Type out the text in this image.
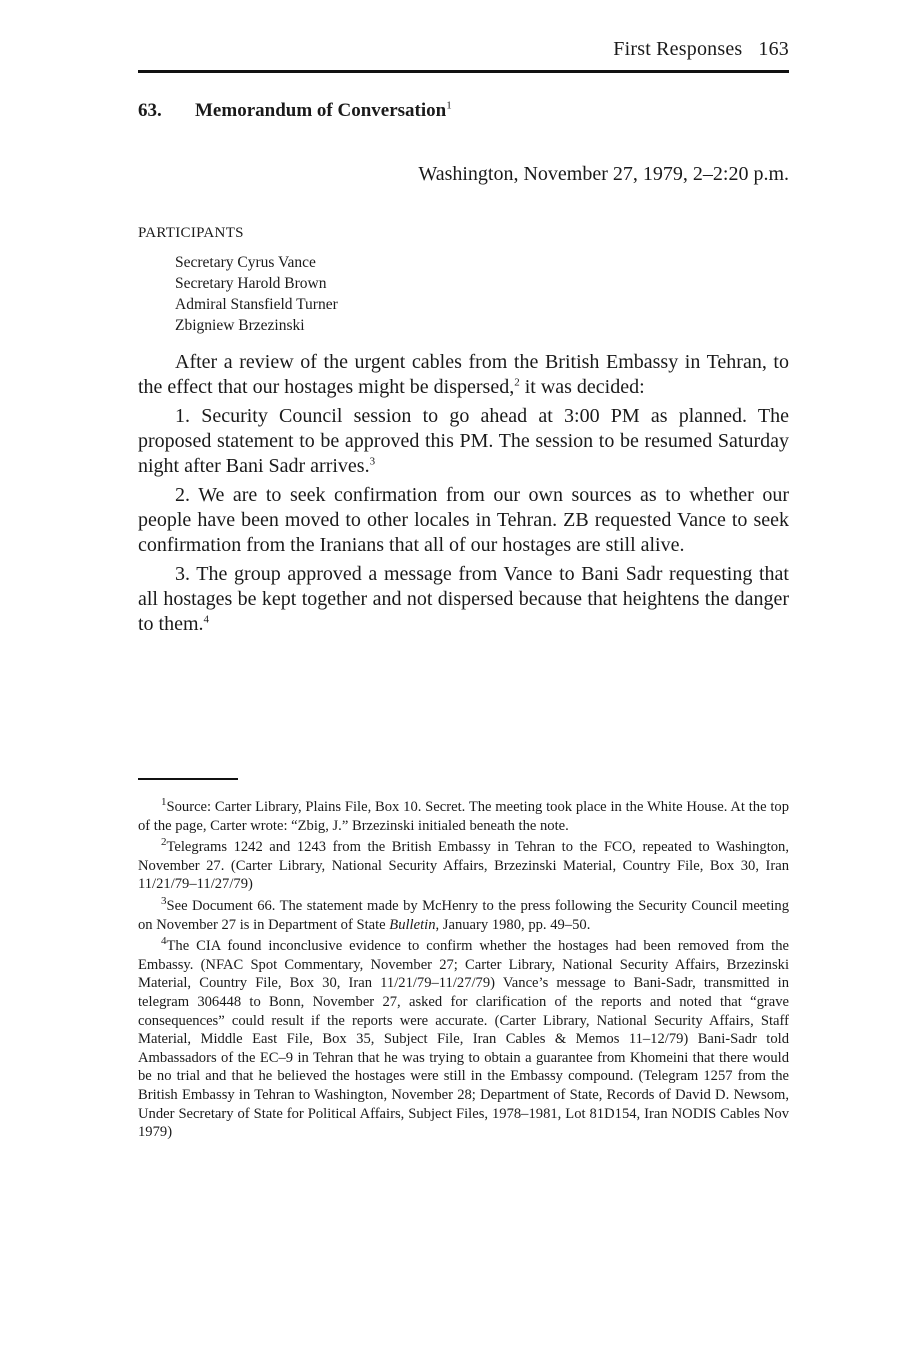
First Responses 163
63. Memorandum of Conversation$^1$
Washington, November 27, 1979, 2–2:20 p.m.
PARTICIPANTS
Secretary Cyrus Vance
Secretary Harold Brown
Admiral Stansfield Turner
Zbigniew Brzezinski

After a review of the urgent cables from the British Embassy in Tehran, to the effect that our hostages might be dispersed,$^2$ it was decided:

1. Security Council session to go ahead at 3:00 PM as planned. The proposed statement to be approved this PM. The session to be resumed Saturday night after Bani Sadr arrives.$^3$

2. We are to seek confirmation from our own sources as to whether our people have been moved to other locales in Tehran. ZB requested Vance to seek confirmation from the Iranians that all of our hostages are still alive.

3. The group approved a message from Vance to Bani Sadr requesting that all hostages be kept together and not dispersed because that heightens the danger to them.$^4$

$^1$Source: Carter Library, Plains File, Box 10. Secret. The meeting took place in the White House. At the top of the page, Carter wrote: “Zbig, J.” Brzezinski initialed beneath the note.

$^2$Telegrams 1242 and 1243 from the British Embassy in Tehran to the FCO, repeated to Washington, November 27. (Carter Library, National Security Affairs, Brzezinski Material, Country File, Box 30, Iran 11/21/79–11/27/79)

$^3$See Document 66. The statement made by McHenry to the press following the Security Council meeting on November 27 is in Department of State Bulletin, January 1980, pp. 49–50.

$^4$The CIA found inconclusive evidence to confirm whether the hostages had been removed from the Embassy. (NFAC Spot Commentary, November 27; Carter Library, National Security Affairs, Brzezinski Material, Country File, Box 30, Iran 11/21/79–11/27/79) Vance’s message to Bani-Sadr, transmitted in telegram 306448 to Bonn, November 27, asked for clarification of the reports and noted that “grave consequences” could result if the reports were accurate. (Carter Library, National Security Affairs, Staff Material, Middle East File, Box 35, Subject File, Iran Cables & Memos 11–12/79) Bani-Sadr told Ambassadors of the EC–9 in Tehran that he was trying to obtain a guarantee from Khomeini that there would be no trial and that he believed the hostages were still in the Embassy compound. (Telegram 1257 from the British Embassy in Tehran to Washington, November 28; Department of State, Records of David D. Newsom, Under Secretary of State for Political Affairs, Subject Files, 1978–1981, Lot 81D154, Iran NODIS Cables Nov 1979)
